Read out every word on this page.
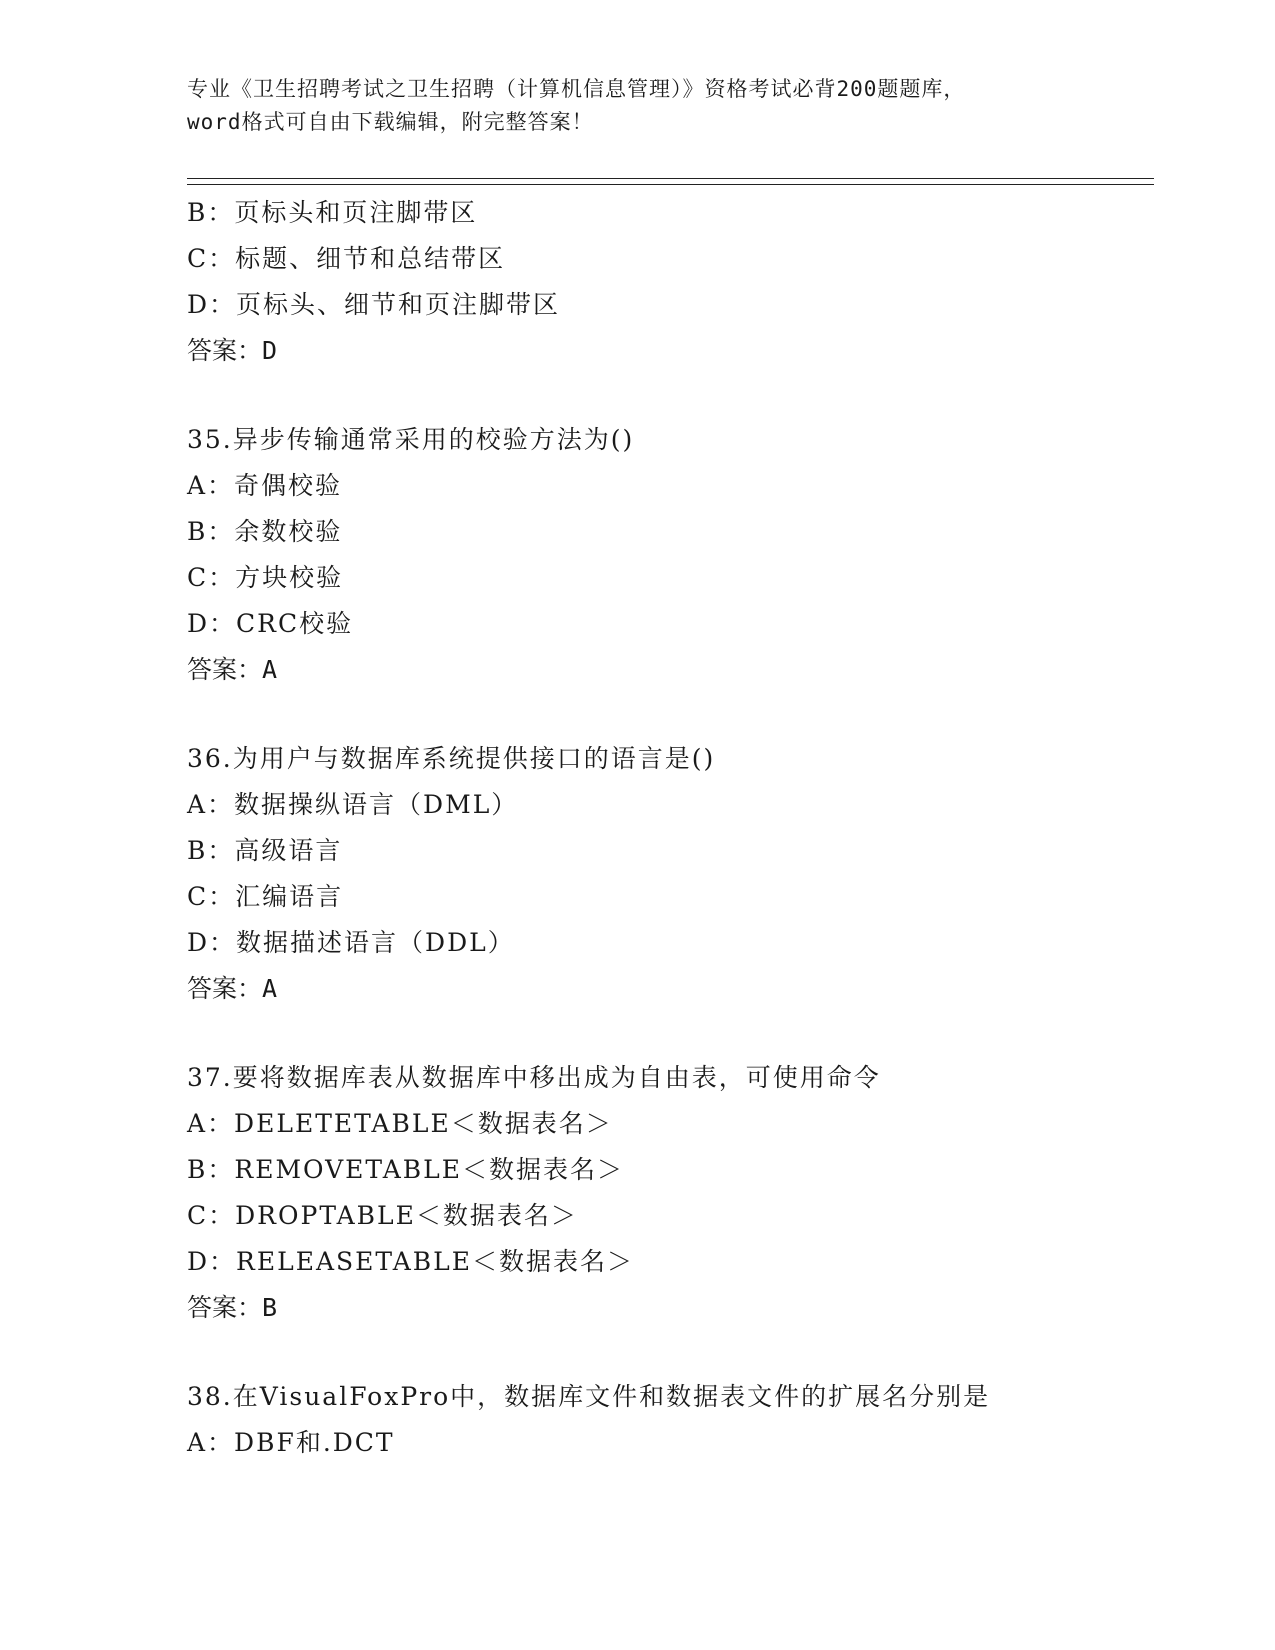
专业《卫生招聘考试之卫生招聘（计算机信息管理）》资格考试必背200题题库，
word格式可自由下载编辑，附完整答案！
B：页标头和页注脚带区
C：标题、细节和总结带区
D：页标头、细节和页注脚带区
答案：D
35.异步传输通常采用的校验方法为()
A：奇偶校验
B：余数校验
C：方块校验
D：CRC校验
答案：A
36.为用户与数据库系统提供接口的语言是()
A：数据操纵语言（DML）
B：高级语言
C：汇编语言
D：数据描述语言（DDL）
答案：A
37.要将数据库表从数据库中移出成为自由表，可使用命令
A：DELETETABLE＜数据表名＞
B：REMOVETABLE＜数据表名＞
C：DROPTABLE＜数据表名＞
D：RELEASETABLE＜数据表名＞
答案：B
38.在VisualFoxPro中，数据库文件和数据表文件的扩展名分别是
A：DBF和.DCT
